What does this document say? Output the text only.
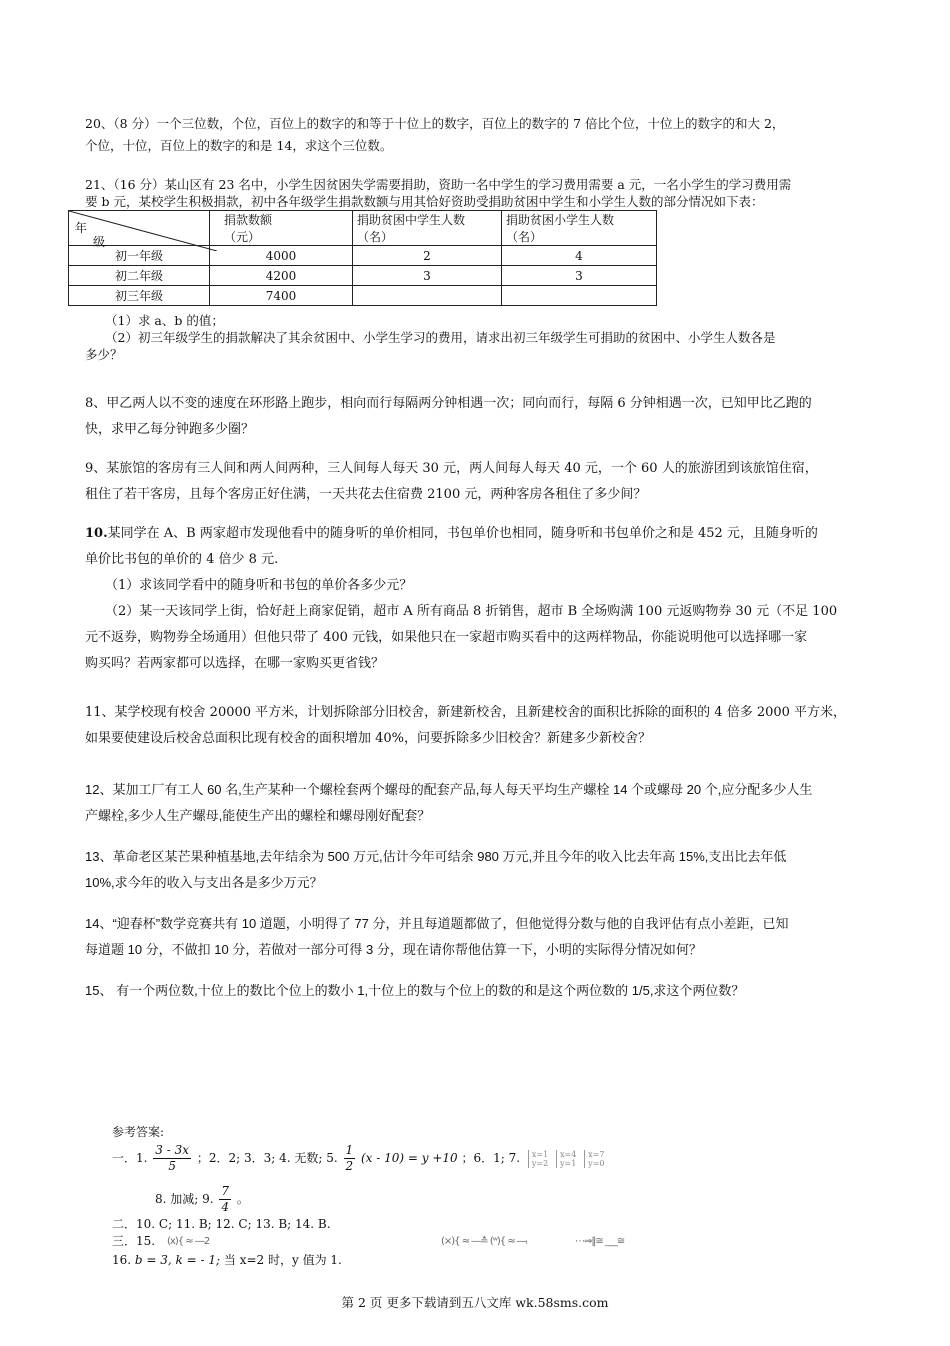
20、（8 分）一个三位数，个位，百位上的数字的和等于十位上的数字，百位上的数字的 7 倍比个位，十位上的数字的和大 2，
个位，十位，百位上的数字的和是 14，求这个三位数。
21、（16 分）某山区有 23 名中，小学生因贫困失学需要捐助，资助一名中学生的学习费用需要 a 元，一名小学生的学习费用需
要 b 元，某校学生积极捐款，初中各年级学生捐款数额与用其恰好资助受捐助贫困中学生和小学生人数的部分情况如下表：
年
级	捐款数额
（元）	捐助贫困中学生人数
（名）	捐助贫困小学生人数
（名）
初一年级	4000	2	4
初二年级	4200	3	3
初三年级	7400		
（1）求 a、b 的值；
（2）初三年级学生的捐款解决了其余贫困中、小学生学习的费用，请求出初三年级学生可捐助的贫困中、小学生人数各是
多少？
8、甲乙两人以不变的速度在环形路上跑步，相向而行每隔两分钟相遇一次；同向而行，每隔 6 分钟相遇一次，已知甲比乙跑的
快，求甲乙每分钟跑多少圈？
9、某旅馆的客房有三人间和两人间两种，三人间每人每天 30 元，两人间每人每天 40 元，一个 60 人的旅游团到该旅馆住宿，
租住了若干客房，且每个客房正好住满，一天共花去住宿费 2100 元，两种客房各租住了多少间？
10.某同学在 A、B 两家超市发现他看中的随身听的单价相同，书包单价也相同，随身听和书包单价之和是 452 元，且随身听的
单价比书包的单价的 4 倍少 8 元.
（1）求该同学看中的随身听和书包的单价各多少元？
（2）某一天该同学上街，恰好赶上商家促销，超市 A 所有商品 8 折销售，超市 B 全场购满 100 元返购物券 30 元（不足 100
元不返券，购物券全场通用）但他只带了 400 元钱，如果他只在一家超市购买看中的这两样物品，你能说明他可以选择哪一家
购买吗？若两家都可以选择，在哪一家购买更省钱？
11、某学校现有校舍 20000 平方米，计划拆除部分旧校舍，新建新校舍，且新建校舍的面积比拆除的面积的 4 倍多 2000 平方米，
如果要使建设后校舍总面积比现有校舍的面积增加 40%，问要拆除多少旧校舍？新建多少新校舍？
12、某加工厂有工人 60 名,生产某种一个螺栓套两个螺母的配套产品,每人每天平均生产螺栓 14 个或螺母 20 个,应分配多少人生
产螺栓,多少人生产螺母,能使生产出的螺栓和螺母刚好配套？
13、革命老区某芒果种植基地,去年结余为 500 万元,估计今年可结余 980 万元,并且今年的收入比去年高 15%,支出比去年低
10%,求今年的收入与支出各是多少万元？
14、“迎春杯”数学竞赛共有 10 道题，小明得了 77 分，并且每道题都做了，但他觉得分数与他的自我评估有点小差距，已知
每道题 10 分，不做扣 10 分，若做对一部分可得 3 分，现在请你帮他估算一下，小明的实际得分情况如何？
15、 有一个两位数,十位上的数比个位上的数小 1,十位上的数与个位上的数的和是这个两位数的 1/5,求这个两位数？
参考答案:
一．1. $\frac{3 - 3x}{5}$ ；2．2; 3．3; 4. 无数; 5. $\frac{1}{2} (x - 10) = y +10$ ；6．1; 7. x=1
y=2

x=4
y=1

x=7
y=0
8. 加减; 9. $\frac{7}{4}$ 。
二．10. C; 11. B; 12. C; 13. B; 14. B.
三．15. (x){ ≈ ―2
	(×){ ≈ ―≛ (ʷ){ ≈ ―ᵢ
	⋯⇒‖≅ ___≅
16. b = 3, k = - 1; 当 x=2 时，y 值为 1.
第 2 页 更多下载请到五八文库 wk.58sms.com
